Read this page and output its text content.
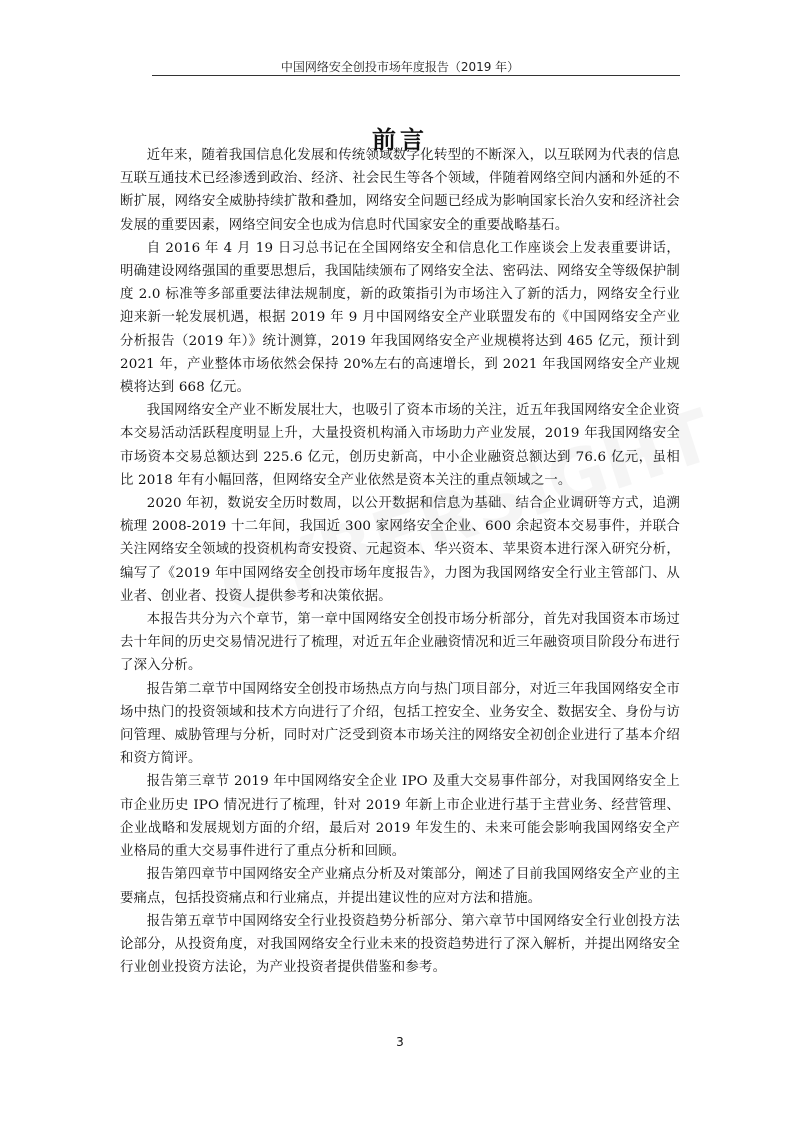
中国网络安全创投市场年度报告（2019 年）
前言

近年来，随着我国信息化发展和传统领域数字化转型的不断深入，以互联网为代表的信息互联互通技术已经渗透到政治、经济、社会民生等各个领域，伴随着网络空间内涵和外延的不断扩展，网络安全威胁持续扩散和叠加，网络安全问题已经成为影响国家长治久安和经济社会发展的重要因素，网络空间安全也成为信息时代国家安全的重要战略基石。

自 2016 年 4 月 19 日习总书记在全国网络安全和信息化工作座谈会上发表重要讲话，明确建设网络强国的重要思想后，我国陆续颁布了网络安全法、密码法、网络安全等级保护制度 2.0 标准等多部重要法律法规制度，新的政策指引为市场注入了新的活力，网络安全行业迎来新一轮发展机遇，根据 2019 年 9 月中国网络安全产业联盟发布的《中国网络安全产业分析报告（2019 年）》统计测算，2019 年我国网络安全产业规模将达到 465 亿元，预计到 2021 年，产业整体市场依然会保持 20%左右的高速增长，到 2021 年我国网络安全产业规模将达到 668 亿元。

我国网络安全产业不断发展壮大，也吸引了资本市场的关注，近五年我国网络安全企业资本交易活动活跃程度明显上升，大量投资机构涌入市场助力产业发展，2019 年我国网络安全市场资本交易总额达到 225.6 亿元，创历史新高，中小企业融资总额达到 76.6 亿元，虽相比 2018 年有小幅回落，但网络安全产业依然是资本关注的重点领域之一。

2020 年初，数说安全历时数周，以公开数据和信息为基础、结合企业调研等方式，追溯梳理 2008-2019 十二年间，我国近 300 家网络安全企业、600 余起资本交易事件，并联合关注网络安全领域的投资机构奇安投资、元起资本、华兴资本、苹果资本进行深入研究分析，编写了《2019 年中国网络安全创投市场年度报告》，力图为我国网络安全行业主管部门、从业者、创业者、投资人提供参考和决策依据。

本报告共分为六个章节，第一章中国网络安全创投市场分析部分，首先对我国资本市场过去十年间的历史交易情况进行了梳理，对近五年企业融资情况和近三年融资项目阶段分布进行了深入分析。

报告第二章节中国网络安全创投市场热点方向与热门项目部分，对近三年我国网络安全市场中热门的投资领域和技术方向进行了介绍，包括工控安全、业务安全、数据安全、身份与访问管理、威胁管理与分析，同时对广泛受到资本市场关注的网络安全初创企业进行了基本介绍和资方简评。

报告第三章节 2019 年中国网络安全企业 IPO 及重大交易事件部分，对我国网络安全上市企业历史 IPO 情况进行了梳理，针对 2019 年新上市企业进行基于主营业务、经营管理、企业战略和发展规划方面的介绍，最后对 2019 年发生的、未来可能会影响我国网络安全产业格局的重大交易事件进行了重点分析和回顾。

报告第四章节中国网络安全产业痛点分析及对策部分，阐述了目前我国网络安全产业的主要痛点，包括投资痛点和行业痛点，并提出建议性的应对方法和措施。

报告第五章节中国网络安全行业投资趋势分析部分、第六章节中国网络安全行业创投方法论部分，从投资角度，对我国网络安全行业未来的投资趋势进行了深入解析，并提出网络安全行业创业投资方法论，为产业投资者提供借鉴和参考。

3
